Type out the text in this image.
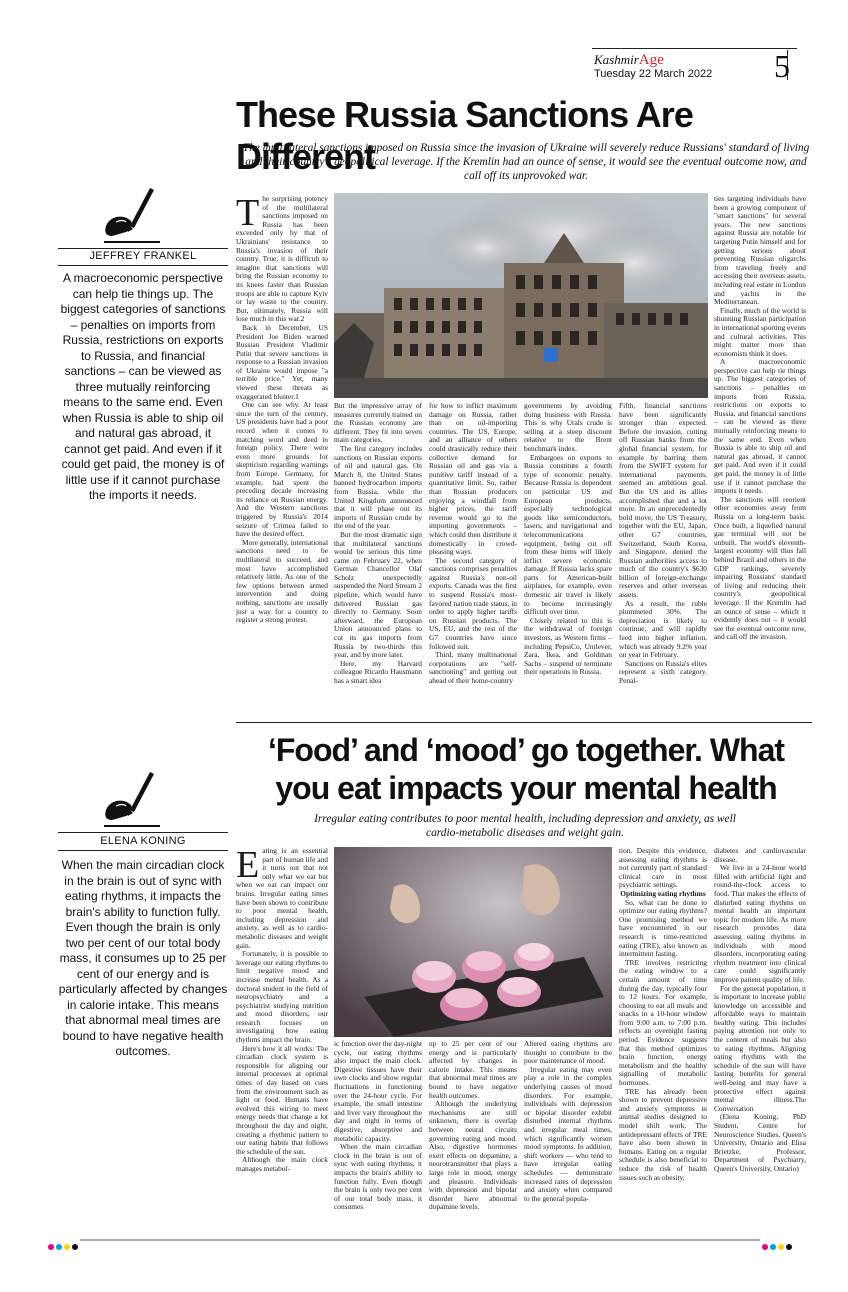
KashmirAge
Tuesday 22 March 2022 5
These Russia Sanctions Are Different
The multilateral sanctions imposed on Russia since the invasion of Ukraine will severely reduce Russians' standard of living and their country's geopolitical leverage. If the Kremlin had an ounce of sense, it would see the eventual outcome now, and call off its unprovoked war.
JEFFREY FRANKEL
A macroeconomic perspective can help tie things up. The biggest categories of sanctions – penalties on imports from Russia, restrictions on exports to Russia, and financial sanctions – can be viewed as three mutually reinforcing means to the same end. Even when Russia is able to ship oil and natural gas abroad, it cannot get paid. And even if it could get paid, the money is of little use if it cannot purchase the imports it needs.
T he surprising potency of the multilateral sanctions imposed on Russia has been exceeded only by that of Ukrainians' resistance to Russia's invasion of their country. True, it is difficult to imagine that sanctions will bring the Russian economy to its knees faster than Russian troops are able to capture Kyiv or lay waste to the country. But, ultimately, Russia will lose much in this war.2

Back in December, US President Joe Biden warned Russian President Vladimir Putin that severe sanctions in response to a Russian invasion of Ukraine would impose "a terrible price." Yet, many viewed these threats as exaggerated bluster.1

One can see why. At least since the turn of the century, US presidents have had a poor record when it comes to matching word and deed in foreign policy. There were even more grounds for skepticism regarding warnings from Europe. Germany, for example, had spent the preceding decade increasing its reliance on Russian energy. And the Western sanctions triggered by Russia's 2014 seizure of Crimea failed to have the desired effect.

More generally, international sanctions need to be multilateral to succeed, and most have accomplished relatively little. As one of the few options between armed intervention and doing nothing, sanctions are usually just a way for a country to register a strong protest.

But the impressive array of measures currently trained on the Russian economy are different. They fit into seven main categories.

The first category includes sanctions on Russian exports of oil and natural gas. On March 8, the United States banned hydrocarbon imports from Russia, while the United Kingdom announced that it will phase out its imports of Russian crude by the end of the year.

But the most dramatic sign that multilateral sanctions would be serious this time came on February 22, when German Chancellor Olaf Scholz unexpectedly suspended the Nord Stream 2 pipeline, which would have delivered Russian gas directly to Germany. Soon afterward, the European Union announced plans to cut its gas imports from Russia by two-thirds this year, and by more later.

Here, my Harvard colleague Ricardo Hausmann has a smart idea

for how to inflict maximum damage on Russia, rather than on oil-importing countries. The US, Europe, and an alliance of others could drastically reduce their collective demand for Russian oil and gas via a punitive tariff instead of a quantitative limit. So, rather than Russian producers enjoying a windfall from higher prices, the tariff revenue would go to the importing governments – which could then distribute it domestically in crowd-pleasing ways.

The second category of sanctions comprises penalties against Russia's non-oil exports. Canada was the first to suspend Russia's most-favored nation trade status, in order to apply higher tariffs on Russian products. The US, EU, and the rest of the G7 countries have since followed suit.

Third, many multinational corporations are "self-sanctioning" and getting out ahead of their home-country

governments by avoiding doing business with Russia. This is why Urals crude is selling at a steep discount relative to the Brent benchmark index.

Embargoes on exports to Russia constitute a fourth type of economic penalty. Because Russia is dependent on particular US and European products, especially technological goods like semiconductors, lasers, and navigational and telecommunications equipment, being cut off from these items will likely inflict severe economic damage. If Russia lacks spare parts for American-built airplanes, for example, even domestic air travel is likely to become increasingly difficult over time.

Closely related to this is the withdrawal of foreign investors, as Western firms – including PepsiCo, Unilever, Zara, Ikea, and Goldman Sachs – suspend or terminate their operations in Russia.

Fifth, financial sanctions have been significantly stronger than expected. Before the invasion, cutting off Russian banks from the global financial system, for example by barring them from the SWIFT system for international payments, seemed an ambitious goal. But the US and its allies accomplished that and a lot more. In an unprecedentedly bold move, the US Treasury, together with the EU, Japan, other G7 countries, Switzerland, South Korea, and Singapore, denied the Russian authorities access to much of the country's $630 billion of foreign-exchange reserves and other overseas assets.

As a result, the ruble plummeted 30%. The depreciation is likely to continue, and will rapidly feed into higher inflation, which was already 9.2% year on year in February.

Sanctions on Russia's elites represent a sixth category. Penal-

ties targeting individuals have been a growing component of "smart sanctions" for several years. The new sanctions against Russia are notable for targeting Putin himself and for getting serious about preventing Russian oligarchs from traveling freely and accessing their overseas assets, including real estate in London and yachts in the Mediterranean.

Finally, much of the world is shunning Russian participation in international sporting events and cultural activities. This might matter more than economists think it does.

A macroeconomic perspective can help tie things up. The biggest categories of sanctions – penalties on imports from Russia, restrictions on exports to Russia, and financial sanctions – can be viewed as three mutually reinforcing means to the same end. Even when Russia is able to ship oil and natural gas abroad, it cannot get paid. And even if it could get paid, the money is of little use if it cannot purchase the imports it needs.

The sanctions will reorient other economies away from Russia on a long-term basis. Once built, a liquefied natural gas terminal will not be unbuilt. The world's eleventh-largest economy will thus fall behind Brazil and others in the GDP rankings, severely impairing Russians' standard of living and reducing their country's geopolitical leverage. If the Kremlin had an ounce of sense – which it evidently does not – it would see the eventual outcome now, and call off the invasion.

‘Food’ and ‘mood’ go together. What
you eat impacts your mental health
Irregular eating contributes to poor mental health, including depression and anxiety, as well cardio-metabolic diseases and weight gain.
ELENA KONING
When the main circadian clock in the brain is out of sync with eating rhythms, it impacts the brain's ability to function fully. Even though the brain is only two per cent of our total body mass, it consumes up to 25 per cent of our energy and is particularly affected by changes in calorie intake. This means that abnormal meal times are bound to have negative health outcomes.
E ating is an essential part of human life and it turns out that not only what we eat but when we eat can impact our brains. Irregular eating times have been shown to contribute to poor mental health, including depression and anxiety, as well as to cardio-metabolic diseases and weight gain.

Fortunately, it is possible to leverage our eating rhythms to limit negative mood and increase mental health. As a doctoral student in the field of neuropsychiatry and a psychiatrist studying nutrition and mood disorders, our research focuses on investigating how eating rhythms impact the brain.

Here's how it all works: The circadian clock system is responsible for aligning our internal processes at optimal times of day based on cues from the environment such as light or food. Humans have evolved this wiring to meet energy needs that change a lot throughout the day and night, creating a rhythmic pattern to our eating habits that follows the schedule of the sun.

Although the main clock manages metabol-

ic function over the day-night cycle, our eating rhythms also impact the main clock. Digestive tissues have their own clocks and show regular fluctuations in functioning over the 24-hour cycle. For example, the small intestine and liver vary throughout the day and night in terms of digestive, absorptive and metabolic capacity.

When the main circadian clock in the brain is out of sync with eating rhythms, it impacts the brain's ability to function fully. Even though the brain is only two per cent of our total body mass, it consumes

up to 25 per cent of our energy and is particularly affected by changes in calorie intake. This means that abnormal meal times are bound to have negative health outcomes.

Although the underlying mechanisms are still unknown, there is overlap between neural circuits governing eating and mood. Also, digestive hormones exert effects on dopamine, a neurotransmitter that plays a large role in mood, energy and pleasure. Individuals with depression and bipolar disorder have abnormal dopamine levels.

Altered eating rhythms are thought to contribute to the poor maintenance of mood.

Irregular eating may even play a role in the complex underlying causes of mood disorders. For example, individuals with depression or bipolar disorder exhibit disturbed internal rhythms and irregular meal times, which significantly worsen mood symptoms. In addition, shift workers — who tend to have irregular eating schedules — demonstrate increased rates of depression and anxiety when compared to the general popula-

tion. Despite this evidence, assessing eating rhythms is not currently part of standard clinical care in most psychiatric settings.

Optimizing eating rhythms

So, what can be done to optimize our eating rhythms? One promising method we have encountered in our research is time-restricted eating (TRE), also known as intermittent fasting.

TRE involves restricting the eating window to a certain amount of time during the day, typically four to 12 hours. For example, choosing to eat all meals and snacks in a 10-hour window from 9:00 a.m. to 7:00 p.m. reflects an overnight fasting period. Evidence suggests that this method optimizes brain function, energy metabolism and the healthy signalling of metabolic hormones.

TRE has already been shown to prevent depressive and anxiety symptoms in animal studies designed to model shift work. The antidepressant effects of TRE have also been shown in humans. Eating on a regular schedule is also beneficial to reduce the risk of health issues such as obesity,

diabetes and cardiovascular disease.

We live in a 24-hour world filled with artificial light and round-the-clock access to food. That makes the effects of disturbed eating rhythms on mental health an important topic for modern life. As more research provides data assessing eating rhythms in individuals with mood disorders, incorporating eating rhythm treatment into clinical care could significantly improve patient quality of life.

For the general population, it is important to increase public knowledge on accessible and affordable ways to maintain healthy eating. This includes paying attention not only to the content of meals but also to eating rhythms. Aligning eating rhythms with the schedule of the sun will have lasting benefits for general well-being and may have a protective effect against mental illness.The Conversation

(Elena Koning, PhD Student, Centre for Neuroscience Studies, Queen's University, Ontario and Elisa Brietzke, Professor, Department of Psychiatry, Queen's University, Ontario)
